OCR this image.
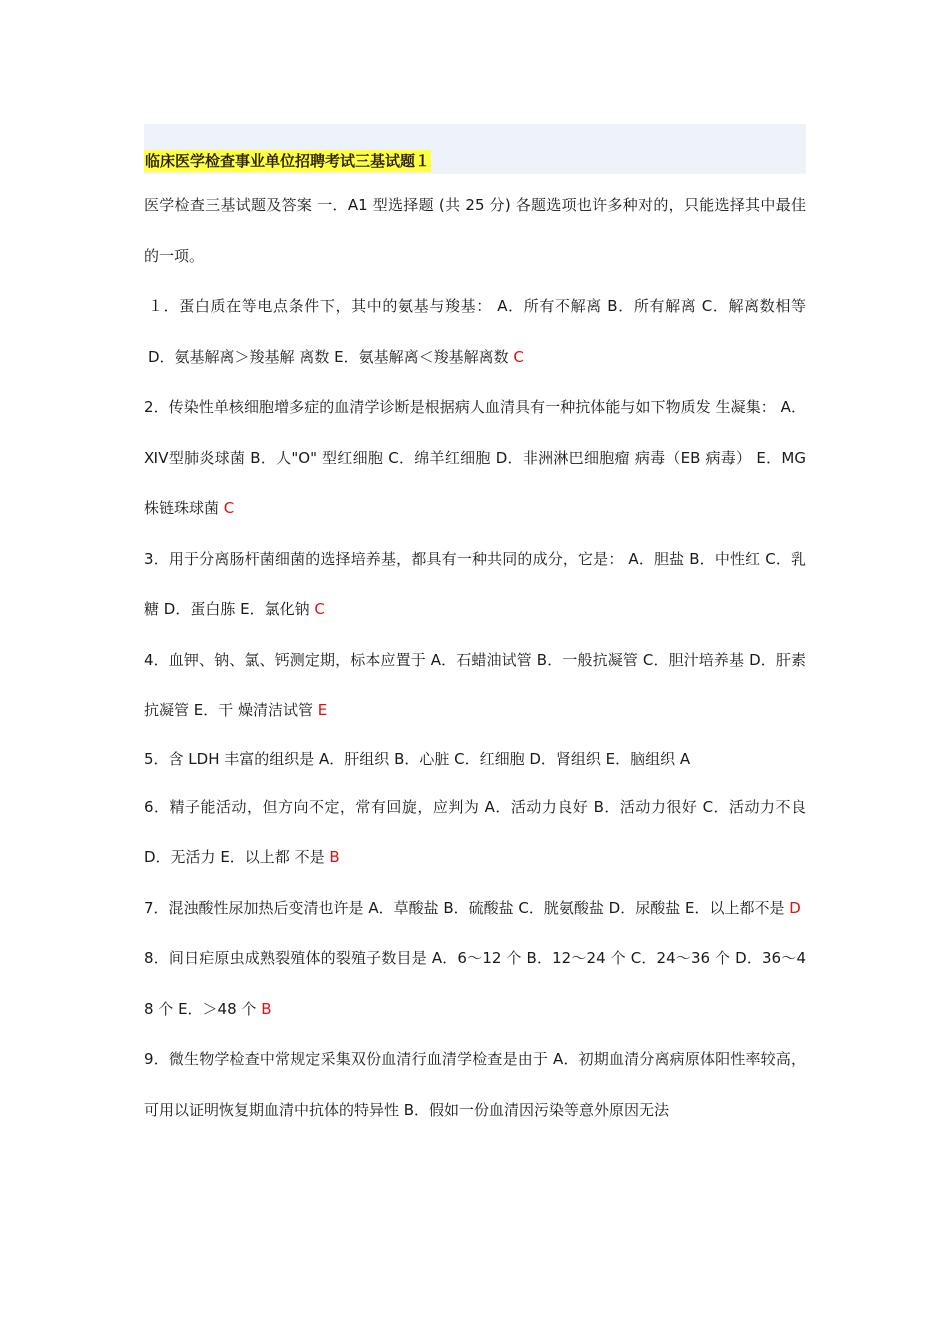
临床医学检查事业单位招聘考试三基试题１

医学检查三基试题及答案 一．A1 型选择题 (共 25 分) 各题选项也许多种对的，只能选择其中最佳的一项。

１．蛋白质在等电点条件下，其中的氨基与羧基： A．所有不解离 B．所有解离 C．解离数相等 D．氨基解离＞羧基解 离数 E．氨基解离＜羧基解离数 C

2．传染性单核细胞增多症的血清学诊断是根据病人血清具有一种抗体能与如下物质发 生凝集： A．ⅪⅤ型肺炎球菌 B．人"O" 型红细胞 C．绵羊红细胞 D．非洲淋巴细胞瘤 病毒（EB 病毒） E．MG 株链珠球菌 C

3．用于分离肠杆菌细菌的选择培养基，都具有一种共同的成分，它是： A．胆盐 B．中性红 C．乳糖 D．蛋白胨 E．氯化钠 C

4．血钾、钠、氯、钙测定期，标本应置于 A．石蜡油试管 B．一般抗凝管 C．胆汁培养基 D．肝素抗凝管 E．干 燥清洁试管 E

5．含 LDH 丰富的组织是 A．肝组织 B．心脏 C．红细胞 D．肾组织 E．脑组织 A

6．精子能活动，但方向不定，常有回旋，应判为 A．活动力良好 B．活动力很好 C．活动力不良 D．无活力 E．以上都 不是 B

7．混浊酸性尿加热后变清也许是 A．草酸盐 B．硫酸盐 C．胱氨酸盐 D．尿酸盐 E．以上都不是 D

8．间日疟原虫成熟裂殖体的裂殖子数目是 A．6～12 个 B．12～24 个 C．24～36 个 D．36～48 个 E．＞48 个 B

9．微生物学检查中常规定采集双份血清行血清学检查是由于 A．初期血清分离病原体阳性率较高，可用以证明恢复期血清中抗体的特异性 B．假如一份血清因污染等意外原因无法
